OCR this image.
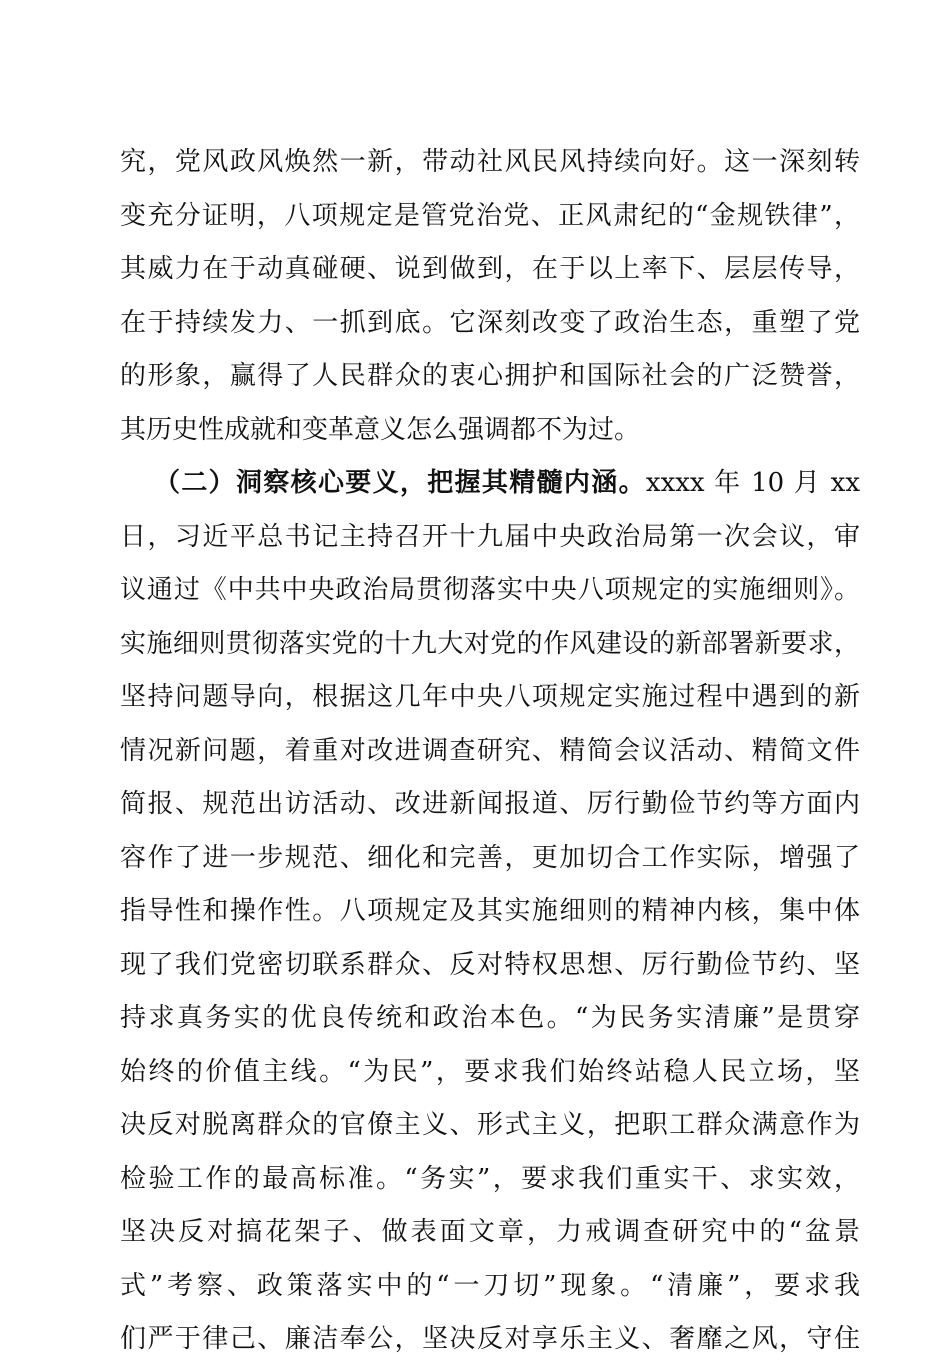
究，党风政风焕然一新，带动社风民风持续向好。这一深刻转
变充分证明，八项规定是管党治党、正风肃纪的“金规铁律”，
其威力在于动真碰硬、说到做到，在于以上率下、层层传导，
在于持续发力、一抓到底。它深刻改变了政治生态，重塑了党
的形象，赢得了人民群众的衷心拥护和国际社会的广泛赞誉，
其历史性成就和变革意义怎么强调都不为过。
（二）洞察核心要义，把握其精髓内涵。xxxx 年 10 月 xx
日，习近平总书记主持召开十九届中央政治局第一次会议，审
议通过《中共中央政治局贯彻落实中央八项规定的实施细则》。
实施细则贯彻落实党的十九大对党的作风建设的新部署新要求，
坚持问题导向，根据这几年中央八项规定实施过程中遇到的新
情况新问题，着重对改进调查研究、精简会议活动、精简文件
简报、规范出访活动、改进新闻报道、厉行勤俭节约等方面内
容作了进一步规范、细化和完善，更加切合工作实际，增强了
指导性和操作性。八项规定及其实施细则的精神内核，集中体
现了我们党密切联系群众、反对特权思想、厉行勤俭节约、坚
持求真务实的优良传统和政治本色。“为民务实清廉”是贯穿
始终的价值主线。“为民”，要求我们始终站稳人民立场，坚
决反对脱离群众的官僚主义、形式主义，把职工群众满意作为
检验工作的最高标准。“务实”，要求我们重实干、求实效，
坚决反对搞花架子、做表面文章，力戒调查研究中的“盆景
式”考察、政策落实中的“一刀切”现象。“清廉”，要求我
们严于律己、廉洁奉公，坚决反对享乐主义、奢靡之风，守住
